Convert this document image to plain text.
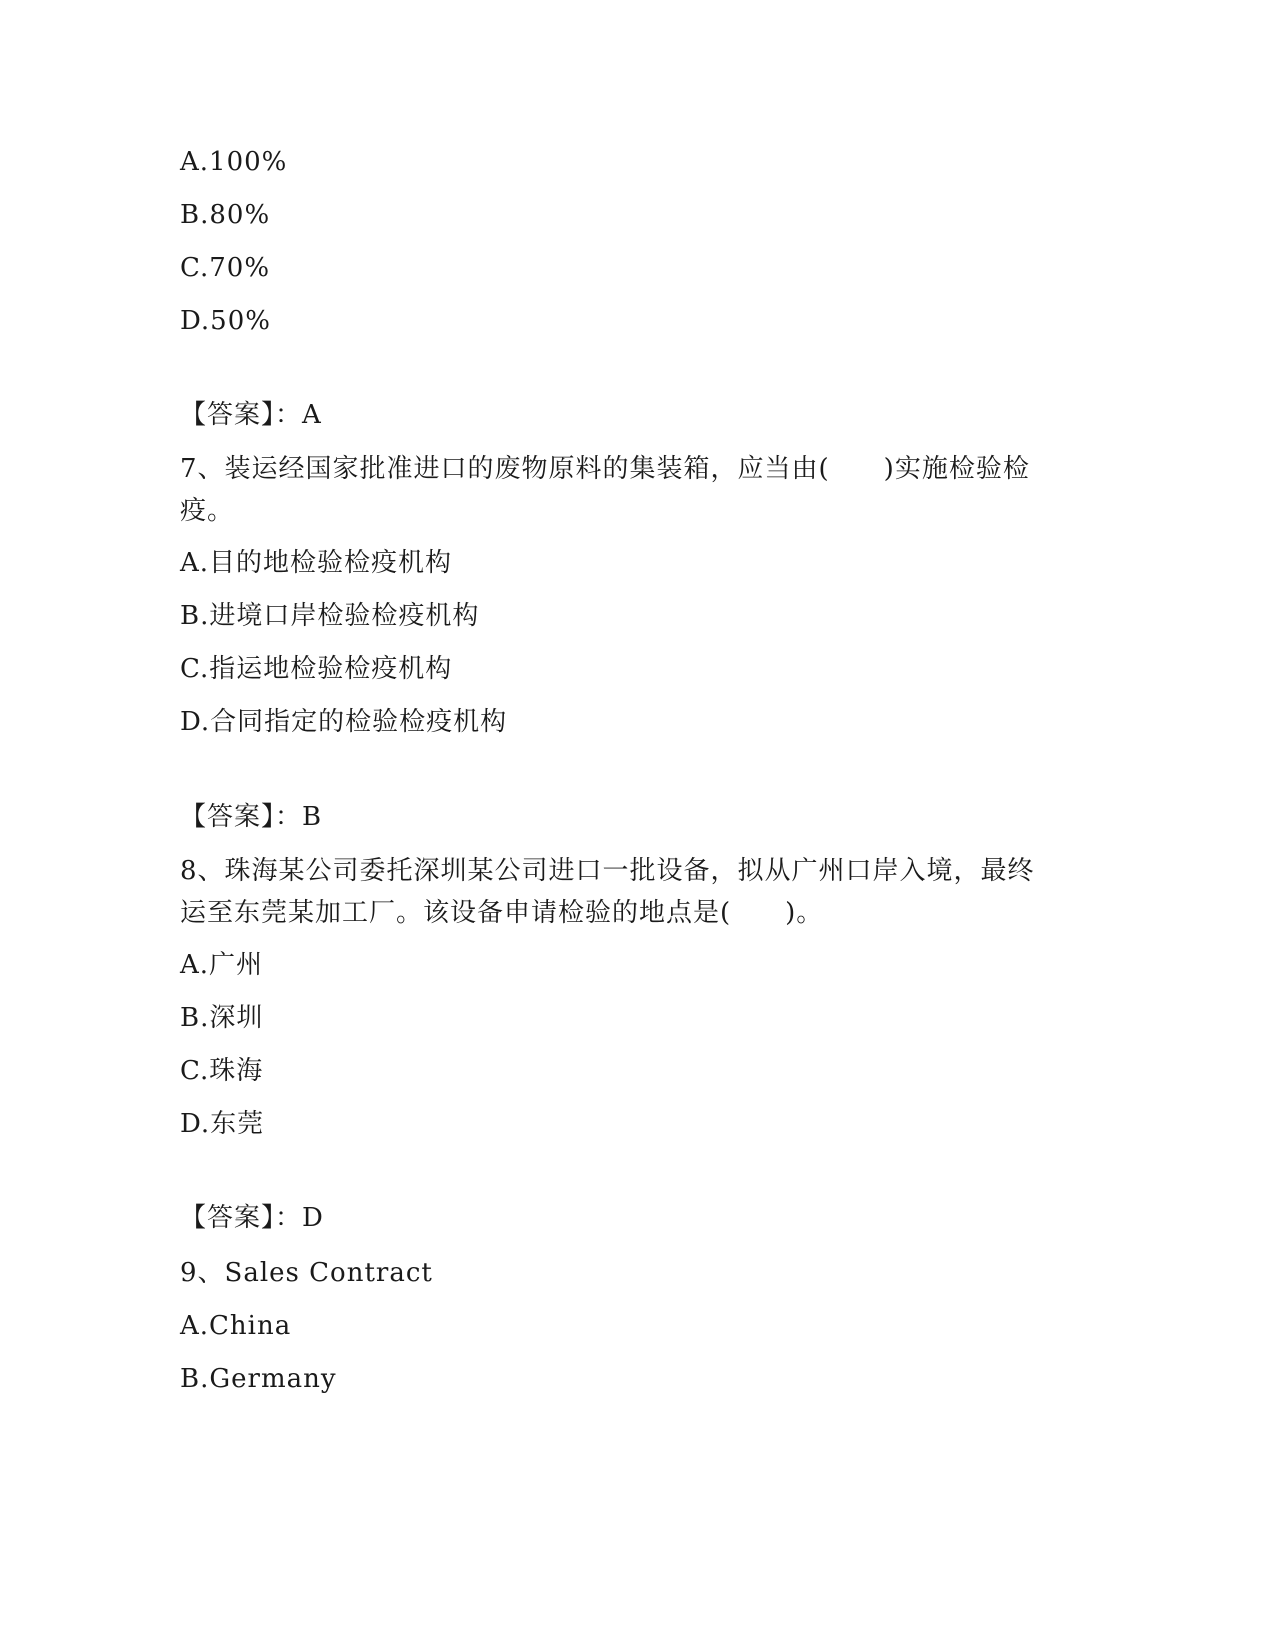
A.100%
B.80%
C.70%
D.50%
【答案】：A
7、装运经国家批准进口的废物原料的集装箱，应当由(　　)实施检验检疫。
A.目的地检验检疫机构
B.进境口岸检验检疫机构
C.指运地检验检疫机构
D.合同指定的检验检疫机构
【答案】：B
8、珠海某公司委托深圳某公司进口一批设备，拟从广州口岸入境，最终运至东莞某加工厂。该设备申请检验的地点是(　　)。
A.广州
B.深圳
C.珠海
D.东莞
【答案】：D
9、Sales Contract
A.China
B.Germany
